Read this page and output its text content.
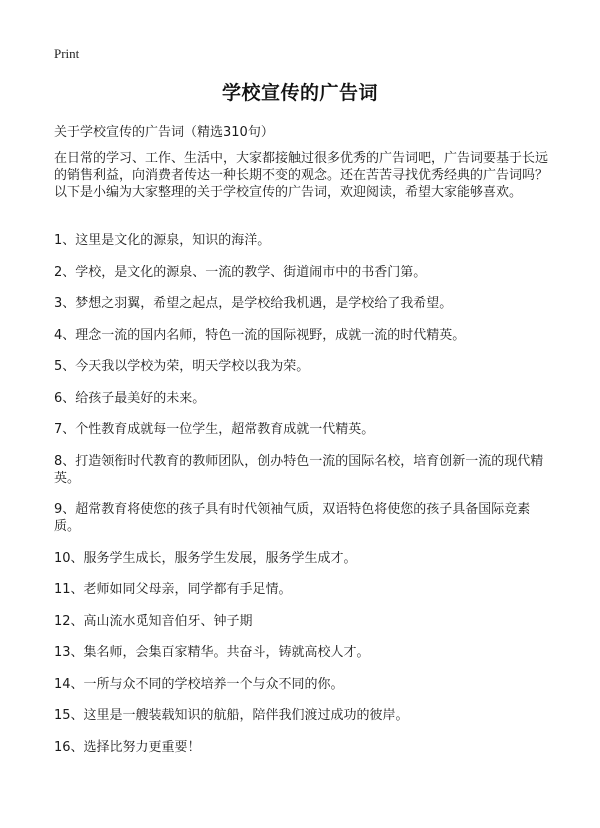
Print
学校宣传的广告词
关于学校宣传的广告词（精选310句）

在日常的学习、工作、生活中，大家都接触过很多优秀的广告词吧，广告词要基于长远的销售利益，向消费者传达一种长期不变的观念。还在苦苦寻找优秀经典的广告词吗？以下是小编为大家整理的关于学校宣传的广告词，欢迎阅读，希望大家能够喜欢。

1、这里是文化的源泉，知识的海洋。
2、学校，是文化的源泉、一流的教学、街道闹市中的书香门第。
3、梦想之羽翼，希望之起点，是学校给我机遇，是学校给了我希望。
4、理念一流的国内名师，特色一流的国际视野，成就一流的时代精英。
5、今天我以学校为荣，明天学校以我为荣。
6、给孩子最美好的未来。
7、个性教育成就每一位学生，超常教育成就一代精英。
8、打造领衔时代教育的教师团队，创办特色一流的国际名校，培育创新一流的现代精英。
9、超常教育将使您的孩子具有时代领袖气质，双语特色将使您的孩子具备国际竞素质。
10、服务学生成长，服务学生发展，服务学生成才。
11、老师如同父母亲，同学都有手足情。
12、高山流水觅知音伯牙、钟子期
13、集名师，会集百家精华。共奋斗，铸就高校人才。
14、一所与众不同的学校培养一个与众不同的你。
15、这里是一艘装载知识的航船，陪伴我们渡过成功的彼岸。
16、选择比努力更重要！
